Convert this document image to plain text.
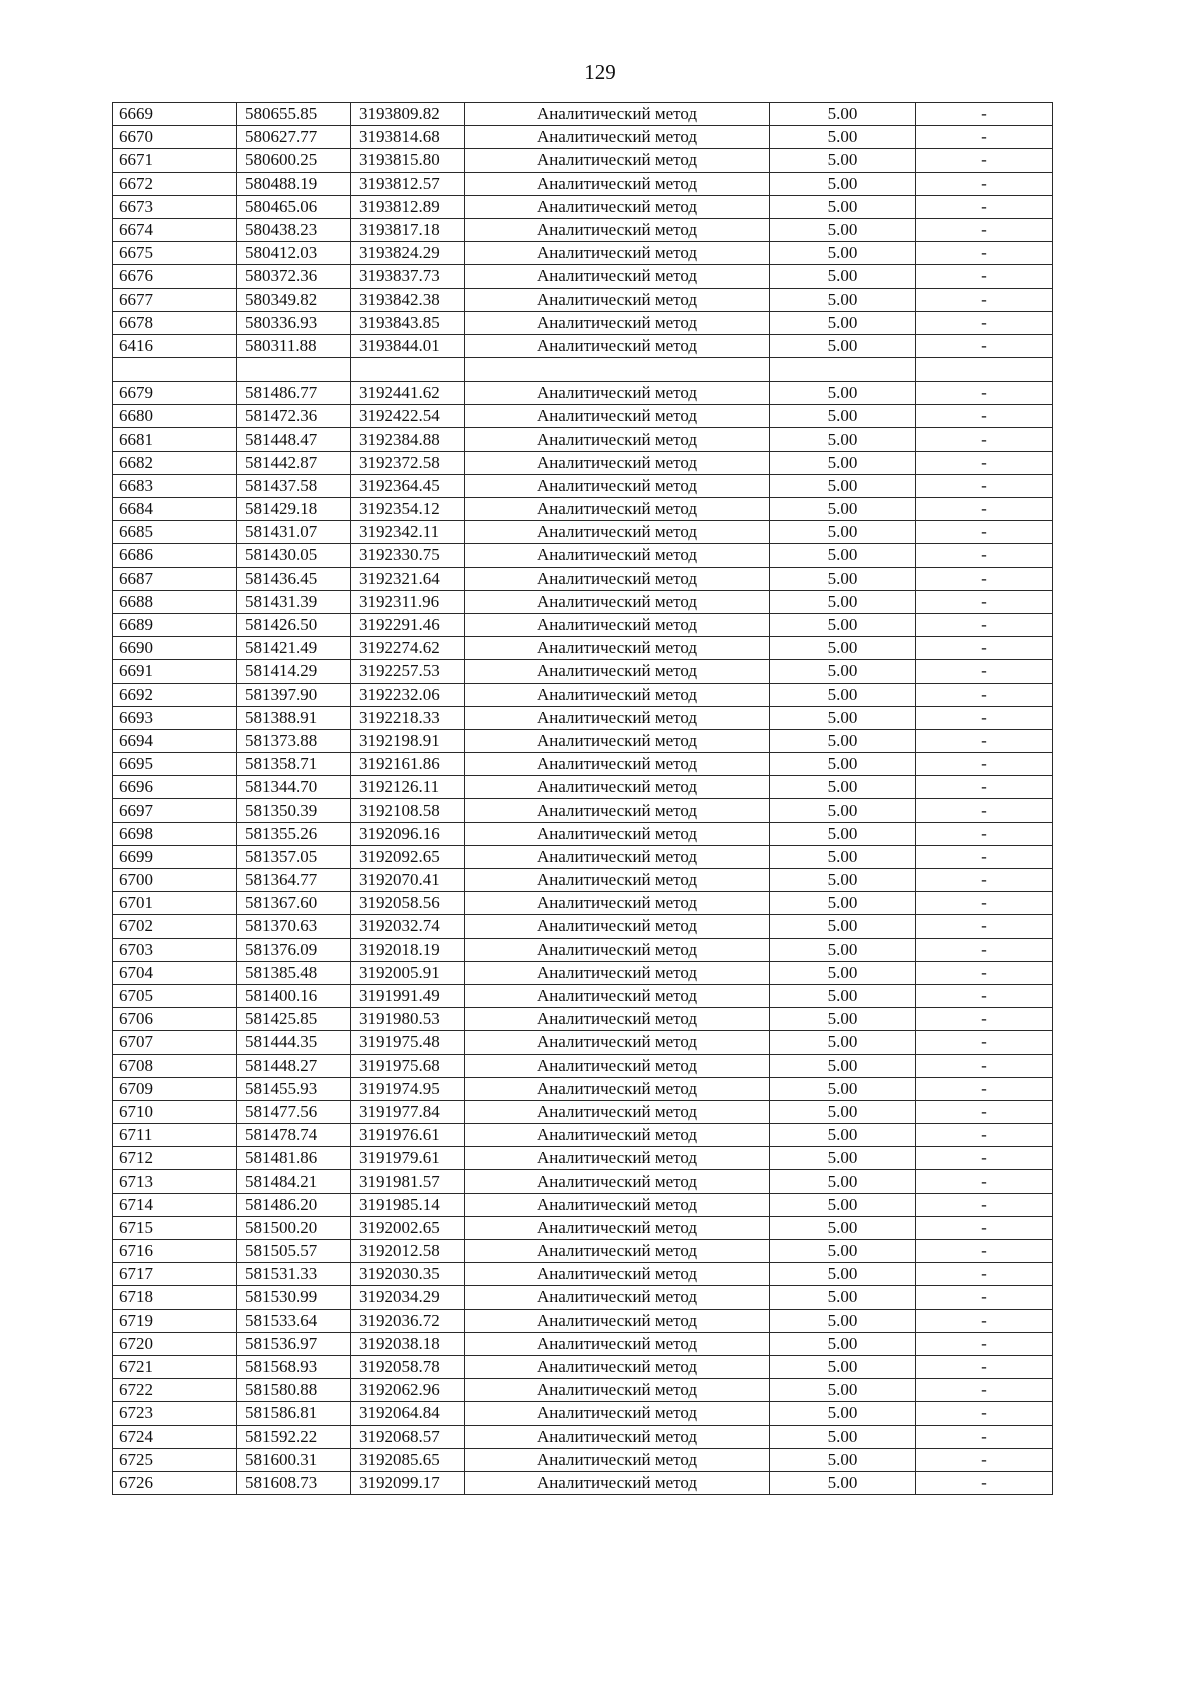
129
6669	580655.85	3193809.82	Аналитический метод	5.00	-
6670	580627.77	3193814.68	Аналитический метод	5.00	-
6671	580600.25	3193815.80	Аналитический метод	5.00	-
6672	580488.19	3193812.57	Аналитический метод	5.00	-
6673	580465.06	3193812.89	Аналитический метод	5.00	-
6674	580438.23	3193817.18	Аналитический метод	5.00	-
6675	580412.03	3193824.29	Аналитический метод	5.00	-
6676	580372.36	3193837.73	Аналитический метод	5.00	-
6677	580349.82	3193842.38	Аналитический метод	5.00	-
6678	580336.93	3193843.85	Аналитический метод	5.00	-
6416	580311.88	3193844.01	Аналитический метод	5.00	-

6679	581486.77	3192441.62	Аналитический метод	5.00	-
6680	581472.36	3192422.54	Аналитический метод	5.00	-
6681	581448.47	3192384.88	Аналитический метод	5.00	-
6682	581442.87	3192372.58	Аналитический метод	5.00	-
6683	581437.58	3192364.45	Аналитический метод	5.00	-
6684	581429.18	3192354.12	Аналитический метод	5.00	-
6685	581431.07	3192342.11	Аналитический метод	5.00	-
6686	581430.05	3192330.75	Аналитический метод	5.00	-
6687	581436.45	3192321.64	Аналитический метод	5.00	-
6688	581431.39	3192311.96	Аналитический метод	5.00	-
6689	581426.50	3192291.46	Аналитический метод	5.00	-
6690	581421.49	3192274.62	Аналитический метод	5.00	-
6691	581414.29	3192257.53	Аналитический метод	5.00	-
6692	581397.90	3192232.06	Аналитический метод	5.00	-
6693	581388.91	3192218.33	Аналитический метод	5.00	-
6694	581373.88	3192198.91	Аналитический метод	5.00	-
6695	581358.71	3192161.86	Аналитический метод	5.00	-
6696	581344.70	3192126.11	Аналитический метод	5.00	-
6697	581350.39	3192108.58	Аналитический метод	5.00	-
6698	581355.26	3192096.16	Аналитический метод	5.00	-
6699	581357.05	3192092.65	Аналитический метод	5.00	-
6700	581364.77	3192070.41	Аналитический метод	5.00	-
6701	581367.60	3192058.56	Аналитический метод	5.00	-
6702	581370.63	3192032.74	Аналитический метод	5.00	-
6703	581376.09	3192018.19	Аналитический метод	5.00	-
6704	581385.48	3192005.91	Аналитический метод	5.00	-
6705	581400.16	3191991.49	Аналитический метод	5.00	-
6706	581425.85	3191980.53	Аналитический метод	5.00	-
6707	581444.35	3191975.48	Аналитический метод	5.00	-
6708	581448.27	3191975.68	Аналитический метод	5.00	-
6709	581455.93	3191974.95	Аналитический метод	5.00	-
6710	581477.56	3191977.84	Аналитический метод	5.00	-
6711	581478.74	3191976.61	Аналитический метод	5.00	-
6712	581481.86	3191979.61	Аналитический метод	5.00	-
6713	581484.21	3191981.57	Аналитический метод	5.00	-
6714	581486.20	3191985.14	Аналитический метод	5.00	-
6715	581500.20	3192002.65	Аналитический метод	5.00	-
6716	581505.57	3192012.58	Аналитический метод	5.00	-
6717	581531.33	3192030.35	Аналитический метод	5.00	-
6718	581530.99	3192034.29	Аналитический метод	5.00	-
6719	581533.64	3192036.72	Аналитический метод	5.00	-
6720	581536.97	3192038.18	Аналитический метод	5.00	-
6721	581568.93	3192058.78	Аналитический метод	5.00	-
6722	581580.88	3192062.96	Аналитический метод	5.00	-
6723	581586.81	3192064.84	Аналитический метод	5.00	-
6724	581592.22	3192068.57	Аналитический метод	5.00	-
6725	581600.31	3192085.65	Аналитический метод	5.00	-
6726	581608.73	3192099.17	Аналитический метод	5.00	-
